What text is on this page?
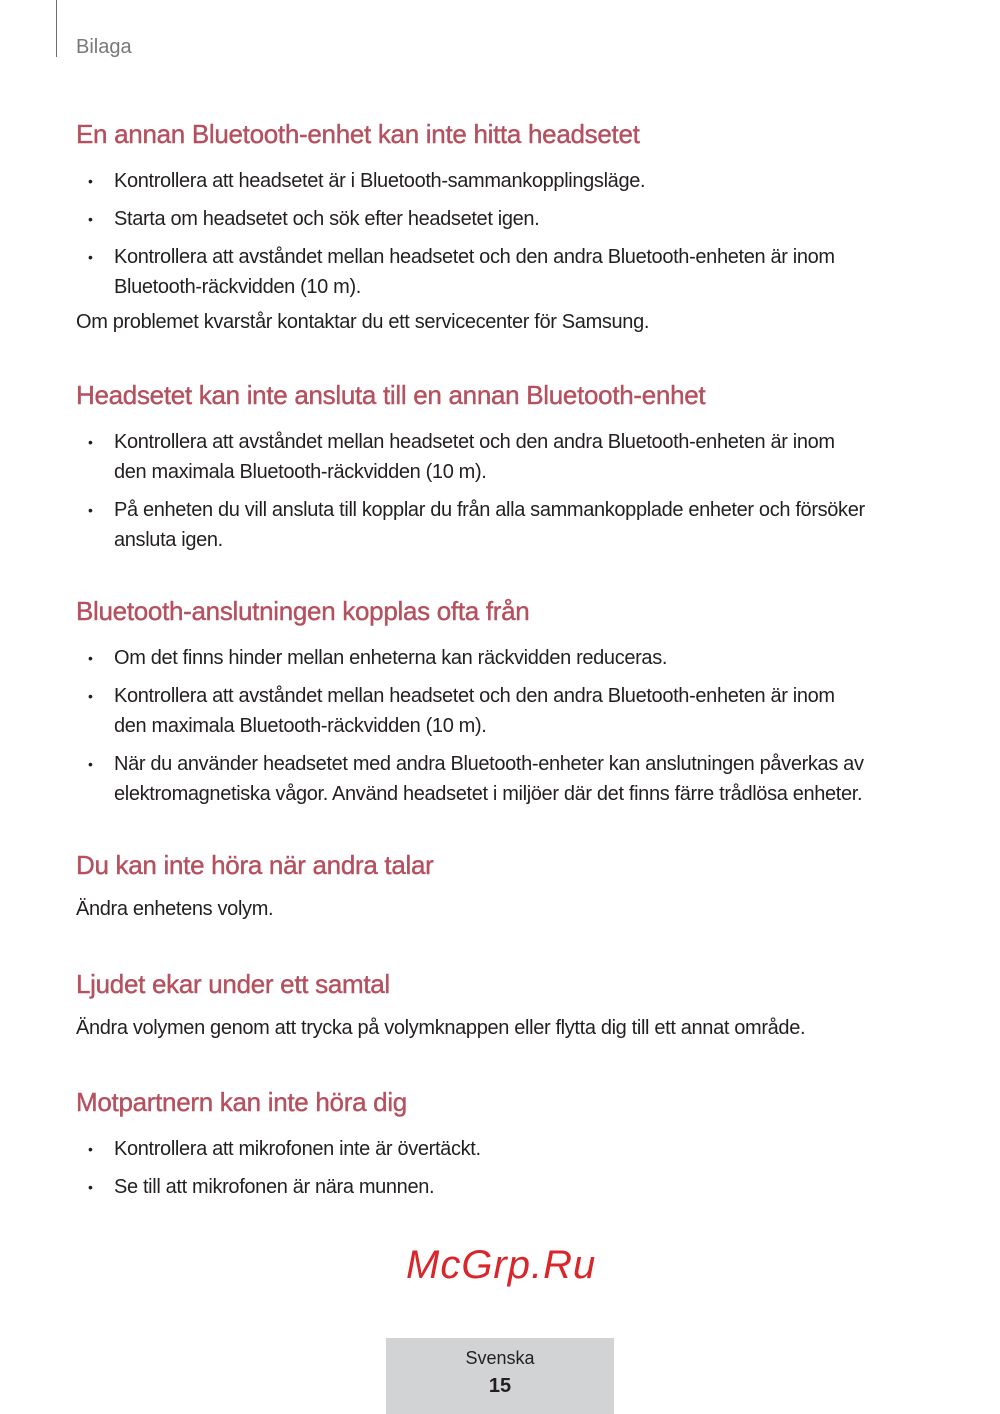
Bilaga
En annan Bluetooth-enhet kan inte hitta headsetet
• Kontrollera att headsetet är i Bluetooth-sammankopplingsläge.
• Starta om headsetet och sök efter headsetet igen.
• Kontrollera att avståndet mellan headsetet och den andra Bluetooth-enheten är inom
Bluetooth-räckvidden (10 m).
Om problemet kvarstår kontaktar du ett servicecenter för Samsung.
Headsetet kan inte ansluta till en annan Bluetooth-enhet
• Kontrollera att avståndet mellan headsetet och den andra Bluetooth-enheten är inom
den maximala Bluetooth-räckvidden (10 m).
• På enheten du vill ansluta till kopplar du från alla sammankopplade enheter och försöker
ansluta igen.
Bluetooth-anslutningen kopplas ofta från
• Om det finns hinder mellan enheterna kan räckvidden reduceras.
• Kontrollera att avståndet mellan headsetet och den andra Bluetooth-enheten är inom
den maximala Bluetooth-räckvidden (10 m).
• När du använder headsetet med andra Bluetooth-enheter kan anslutningen påverkas av
elektromagnetiska vågor. Använd headsetet i miljöer där det finns färre trådlösa enheter.
Du kan inte höra när andra talar
Ändra enhetens volym.
Ljudet ekar under ett samtal
Ändra volymen genom att trycka på volymknappen eller flytta dig till ett annat område.
Motpartnern kan inte höra dig
• Kontrollera att mikrofonen inte är övertäckt.
• Se till att mikrofonen är nära munnen.
McGrp.Ru
Svenska
15
